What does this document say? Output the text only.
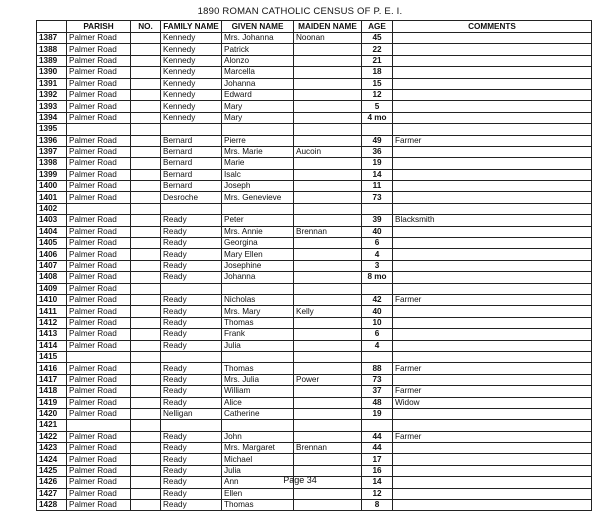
1890 ROMAN CATHOLIC CENSUS OF P. E. I.
	PARISH	NO.	FAMILY NAME	GIVEN NAME	MAIDEN NAME	AGE	COMMENTS
1387	Palmer Road		Kennedy	Mrs. Johanna	Noonan	45	
1388	Palmer Road		Kennedy	Patrick		22	
1389	Palmer Road		Kennedy	Alonzo		21	
1390	Palmer Road		Kennedy	Marcella		18	
1391	Palmer Road		Kennedy	Johanna		15	
1392	Palmer Road		Kennedy	Edward		12	
1393	Palmer Road		Kennedy	Mary		5	
1394	Palmer Road		Kennedy	Mary		4 mo	
1395							
1396	Palmer Road		Bernard	Pierre		49	Farmer
1397	Palmer Road		Bernard	Mrs. Marie	Aucoin	36	
1398	Palmer Road		Bernard	Marie		19	
1399	Palmer Road		Bernard	Isalc		14	
1400	Palmer Road		Bernard	Joseph		11	
1401	Palmer Road		Desroche	Mrs. Genevieve		73	
1402							
1403	Palmer Road		Ready	Peter		39	Blacksmith
1404	Palmer Road		Ready	Mrs. Annie	Brennan	40	
1405	Palmer Road		Ready	Georgina		6	
1406	Palmer Road		Ready	Mary Ellen		4	
1407	Palmer Road		Ready	Josephine		3	
1408	Palmer Road		Ready	Johanna		8 mo	
1409	Palmer Road						
1410	Palmer Road		Ready	Nicholas		42	Farmer
1411	Palmer Road		Ready	Mrs. Mary	Kelly	40	
1412	Palmer Road		Ready	Thomas		10	
1413	Palmer Road		Ready	Frank		6	
1414	Palmer Road		Ready	Julia		4	
1415							
1416	Palmer Road		Ready	Thomas		88	Farmer
1417	Palmer Road		Ready	Mrs. Julia	Power	73	
1418	Palmer Road		Ready	William		37	Farmer
1419	Palmer Road		Ready	Alice		48	Widow
1420	Palmer Road		Nelligan	Catherine		19	
1421							
1422	Palmer Road		Ready	John		44	Farmer
1423	Palmer Road		Ready	Mrs. Margaret	Brennan	44	
1424	Palmer Road		Ready	Michael		17	
1425	Palmer Road		Ready	Julia		16	
1426	Palmer Road		Ready	Ann		14	
1427	Palmer Road		Ready	Ellen		12	
1428	Palmer Road		Ready	Thomas		8	
Page 34
